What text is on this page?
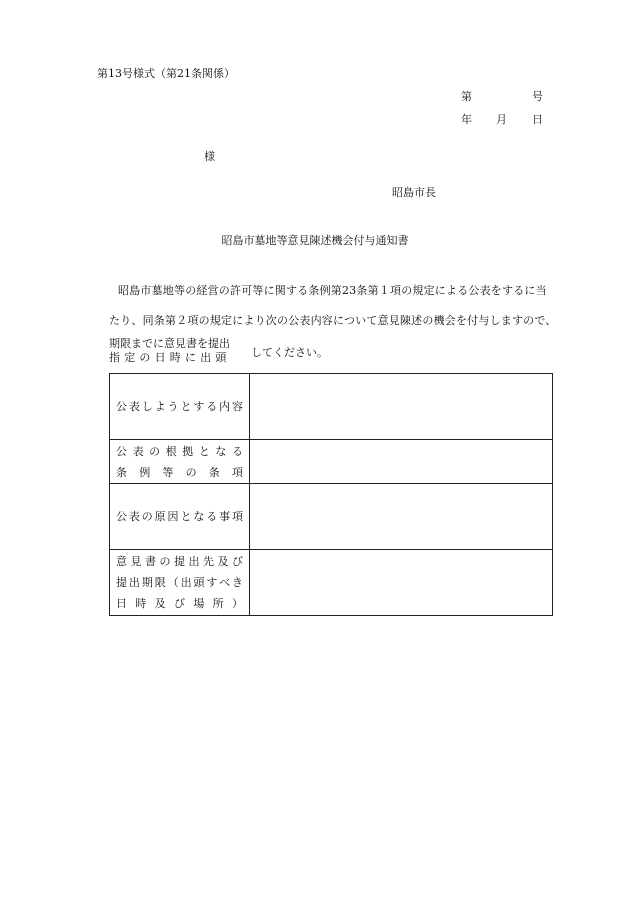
第13号様式（第21条関係）
第	号
年 月 日
様
昭島市長
昭島市墓地等意見陳述機会付与通知書
昭島市墓地等の経営の許可等に関する条例第23条第１項の規定による公表をするに当
たり、同条第２項の規定により次の公表内容について意見陳述の機会を付与しますので、
期限までに意見書を提出
指定の日時に出頭 してください。
公表しようとする内容	

公表の根拠となる
条例等の条項	

公表の原因となる事項	

意見書の提出先及び
提出期限（出頭すべき
日時及び場所）	
